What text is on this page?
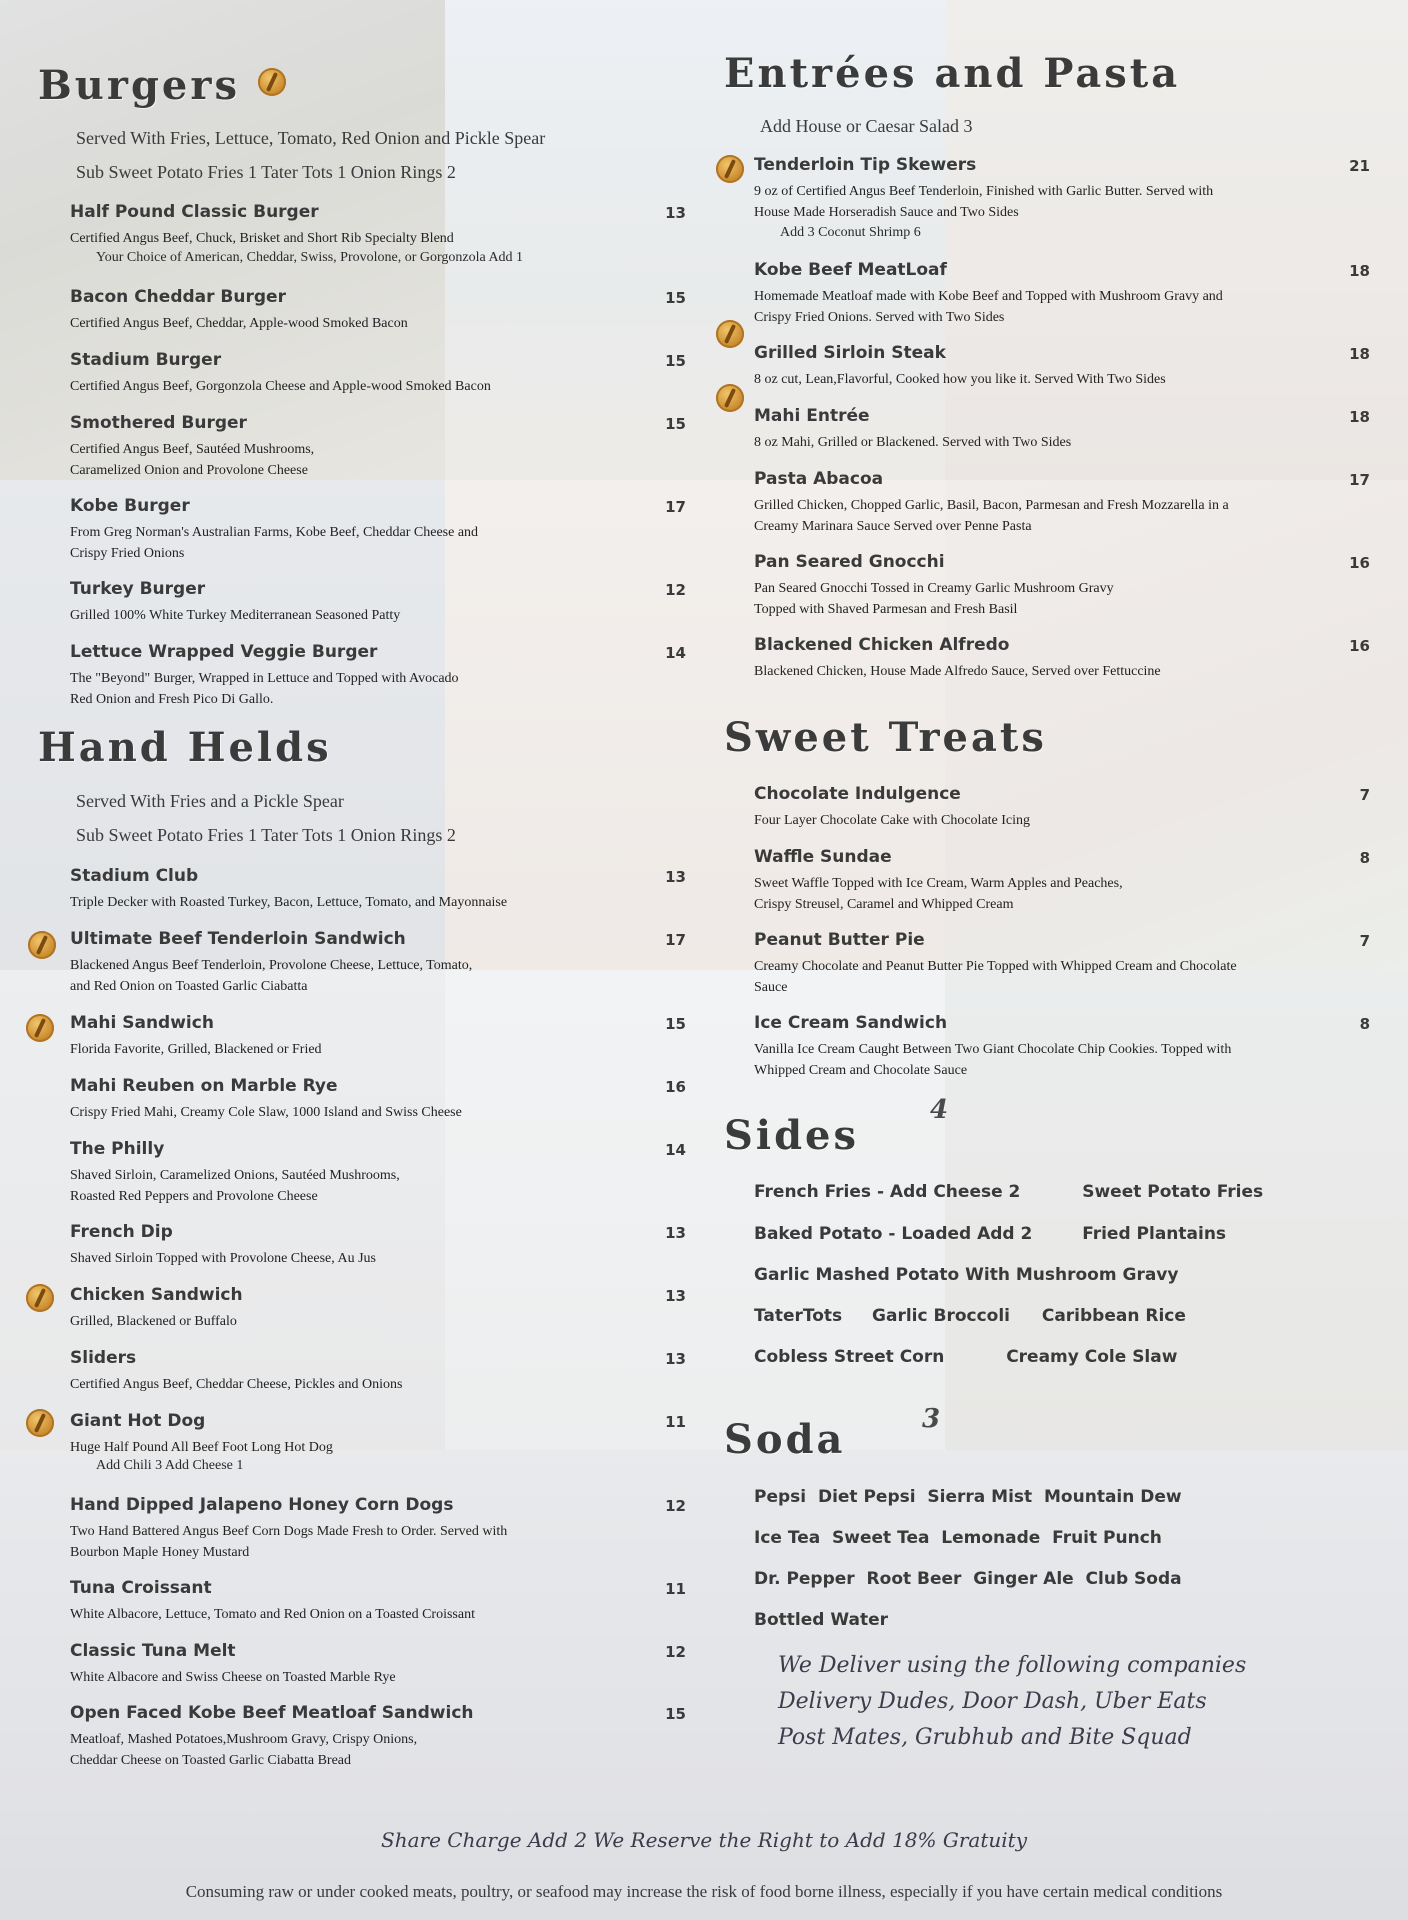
Burgers
Served With Fries, Lettuce, Tomato, Red Onion and Pickle Spear
Sub Sweet Potato Fries 1 Tater Tots 1 Onion Rings 2
Half Pound Classic Burger	13
Certified Angus Beef, Chuck, Brisket and Short Rib Specialty Blend
Your Choice of American, Cheddar, Swiss, Provolone, or Gorgonzola Add 1
Bacon Cheddar Burger	15
Certified Angus Beef, Cheddar, Apple-wood Smoked Bacon
Stadium Burger	15
Certified Angus Beef, Gorgonzola Cheese and Apple-wood Smoked Bacon
Smothered Burger	15
Certified Angus Beef, Sautéed Mushrooms,
Caramelized Onion and Provolone Cheese
Kobe Burger	17
From Greg Norman's Australian Farms, Kobe Beef, Cheddar Cheese and
Crispy Fried Onions
Turkey Burger	12
Grilled 100% White Turkey Mediterranean Seasoned Patty
Lettuce Wrapped Veggie Burger	14
The "Beyond" Burger, Wrapped in Lettuce and Topped with Avocado
Red Onion and Fresh Pico Di Gallo.
Hand Helds
Served With Fries and a Pickle Spear
Sub Sweet Potato Fries 1 Tater Tots 1 Onion Rings 2
Stadium Club	13
Triple Decker with Roasted Turkey, Bacon, Lettuce, Tomato, and Mayonnaise
Ultimate Beef Tenderloin Sandwich	17
Blackened Angus Beef Tenderloin, Provolone Cheese, Lettuce, Tomato,
and Red Onion on Toasted Garlic Ciabatta
Mahi Sandwich	15
Florida Favorite, Grilled, Blackened or Fried
Mahi Reuben on Marble Rye	16
Crispy Fried Mahi, Creamy Cole Slaw, 1000 Island and Swiss Cheese
The Philly	14
Shaved Sirloin, Caramelized Onions, Sautéed Mushrooms,
Roasted Red Peppers and Provolone Cheese
French Dip	13
Shaved Sirloin Topped with Provolone Cheese, Au Jus
Chicken Sandwich	13
Grilled, Blackened or Buffalo
Sliders	13
Certified Angus Beef, Cheddar Cheese, Pickles and Onions
Giant Hot Dog	11
Huge Half Pound All Beef Foot Long Hot Dog
Add Chili 3 Add Cheese 1
Hand Dipped Jalapeno Honey Corn Dogs	12
Two Hand Battered Angus Beef Corn Dogs Made Fresh to Order. Served with
Bourbon Maple Honey Mustard
Tuna Croissant	11
White Albacore, Lettuce, Tomato and Red Onion on a Toasted Croissant
Classic Tuna Melt	12
White Albacore and Swiss Cheese on Toasted Marble Rye
Open Faced Kobe Beef Meatloaf Sandwich	15
Meatloaf, Mashed Potatoes,Mushroom Gravy, Crispy Onions,
Cheddar Cheese on Toasted Garlic Ciabatta Bread
Entrées and Pasta
Add House or Caesar Salad 3
Tenderloin Tip Skewers	21
9 oz of Certified Angus Beef Tenderloin, Finished with Garlic Butter. Served with
House Made Horseradish Sauce and Two Sides
Add 3 Coconut Shrimp 6
Kobe Beef MeatLoaf	18
Homemade Meatloaf made with Kobe Beef and Topped with Mushroom Gravy and
Crispy Fried Onions. Served with Two Sides
Grilled Sirloin Steak	18
8 oz cut, Lean,Flavorful, Cooked how you like it. Served With Two Sides
Mahi Entrée	18
8 oz Mahi, Grilled or Blackened. Served with Two Sides
Pasta Abacoa	17
Grilled Chicken, Chopped Garlic, Basil, Bacon, Parmesan and Fresh Mozzarella in a
Creamy Marinara Sauce Served over Penne Pasta
Pan Seared Gnocchi	16
Pan Seared Gnocchi Tossed in Creamy Garlic Mushroom Gravy
Topped with Shaved Parmesan and Fresh Basil
Blackened Chicken Alfredo	16
Blackened Chicken, House Made Alfredo Sauce, Served over Fettuccine
Sweet Treats
Chocolate Indulgence	7
Four Layer Chocolate Cake with Chocolate Icing
Waffle Sundae	8
Sweet Waffle Topped with Ice Cream, Warm Apples and Peaches,
Crispy Streusel, Caramel and Whipped Cream
Peanut Butter Pie	7
Creamy Chocolate and Peanut Butter Pie Topped with Whipped Cream and Chocolate
Sauce
Ice Cream Sandwich	8
Vanilla Ice Cream Caught Between Two Giant Chocolate Chip Cookies. Topped with
Whipped Cream and Chocolate Sauce
Sides
4
French Fries - Add Cheese 2	Sweet Potato Fries
Baked Potato - Loaded Add 2	Fried Plantains
Garlic Mashed Potato With Mushroom Gravy
TaterTots Garlic Broccoli Caribbean Rice
Cobless Street Corn	Creamy Cole Slaw
Soda	3
Pepsi Diet Pepsi Sierra Mist Mountain Dew
Ice Tea Sweet Tea Lemonade Fruit Punch
Dr. Pepper Root Beer Ginger Ale Club Soda
Bottled Water
We Deliver using the following companies
Delivery Dudes, Door Dash, Uber Eats
Post Mates, Grubhub and Bite Squad
Share Charge Add 2 We Reserve the Right to Add 18% Gratuity
Consuming raw or under cooked meats, poultry, or seafood may increase the risk of food borne illness, especially if you have certain medical conditions
